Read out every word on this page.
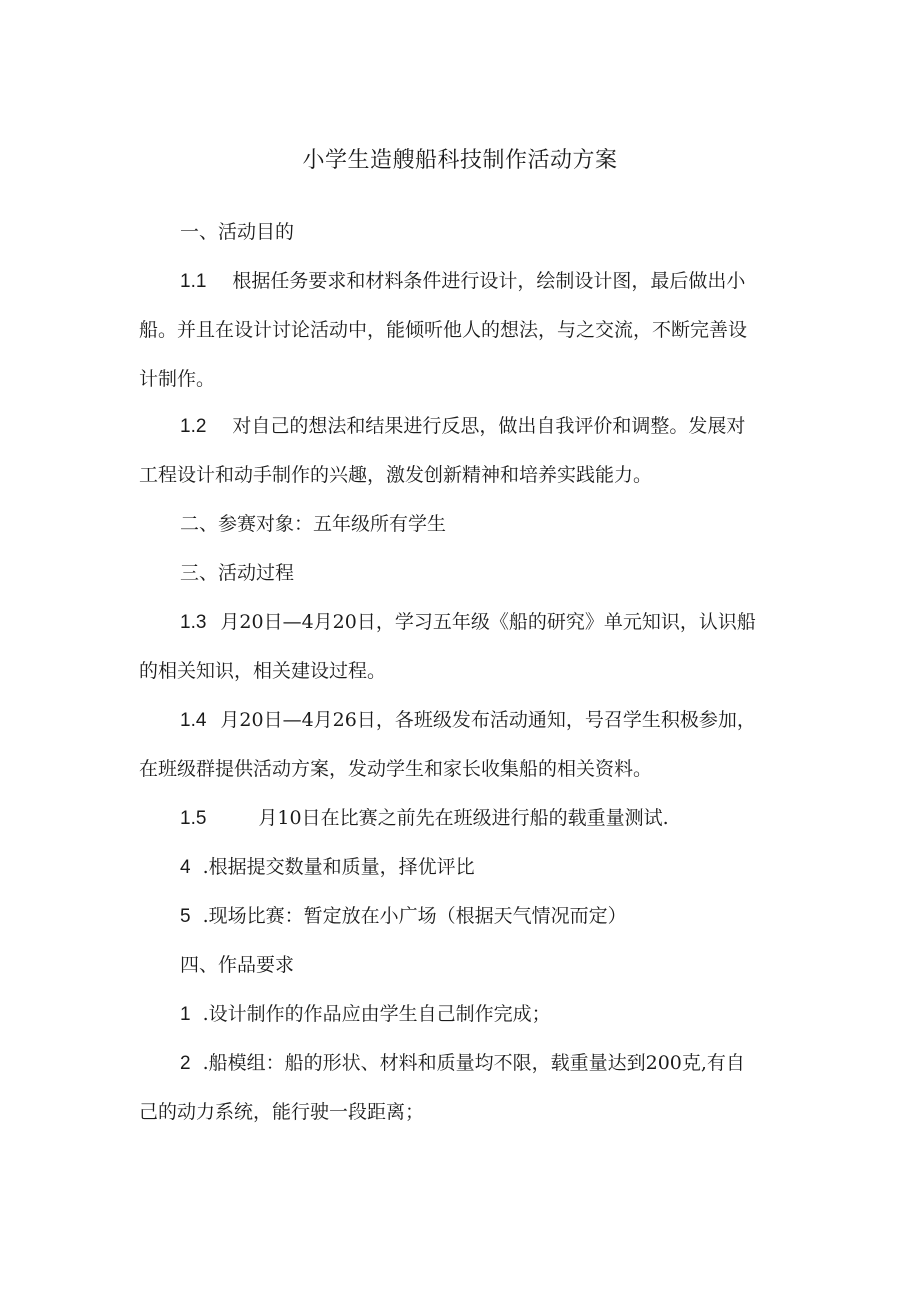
小学生造艘船科技制作活动方案
一、活动目的
1.1 根据任务要求和材料条件进行设计，绘制设计图，最后做出小
船。并且在设计讨论活动中，能倾听他人的想法，与之交流，不断完善设
计制作。
1.2 对自己的想法和结果进行反思，做出自我评价和调整。发展对
工程设计和动手制作的兴趣，激发创新精神和培养实践能力。
二、参赛对象：五年级所有学生
三、活动过程
1.3 月20日—4月20日，学习五年级《船的研究》单元知识，认识船
的相关知识，相关建设过程。
1.4 月20日—4月26日，各班级发布活动通知，号召学生积极参加，
在班级群提供活动方案，发动学生和家长收集船的相关资料。
1.5	月10日在比赛之前先在班级进行船的载重量测试.
4 .根据提交数量和质量，择优评比
5 .现场比赛：暂定放在小广场（根据天气情况而定）
四、作品要求
1 .设计制作的作品应由学生自己制作完成；
2 .船模组：船的形状、材料和质量均不限，载重量达到200克,有自
己的动力系统，能行驶一段距离；
